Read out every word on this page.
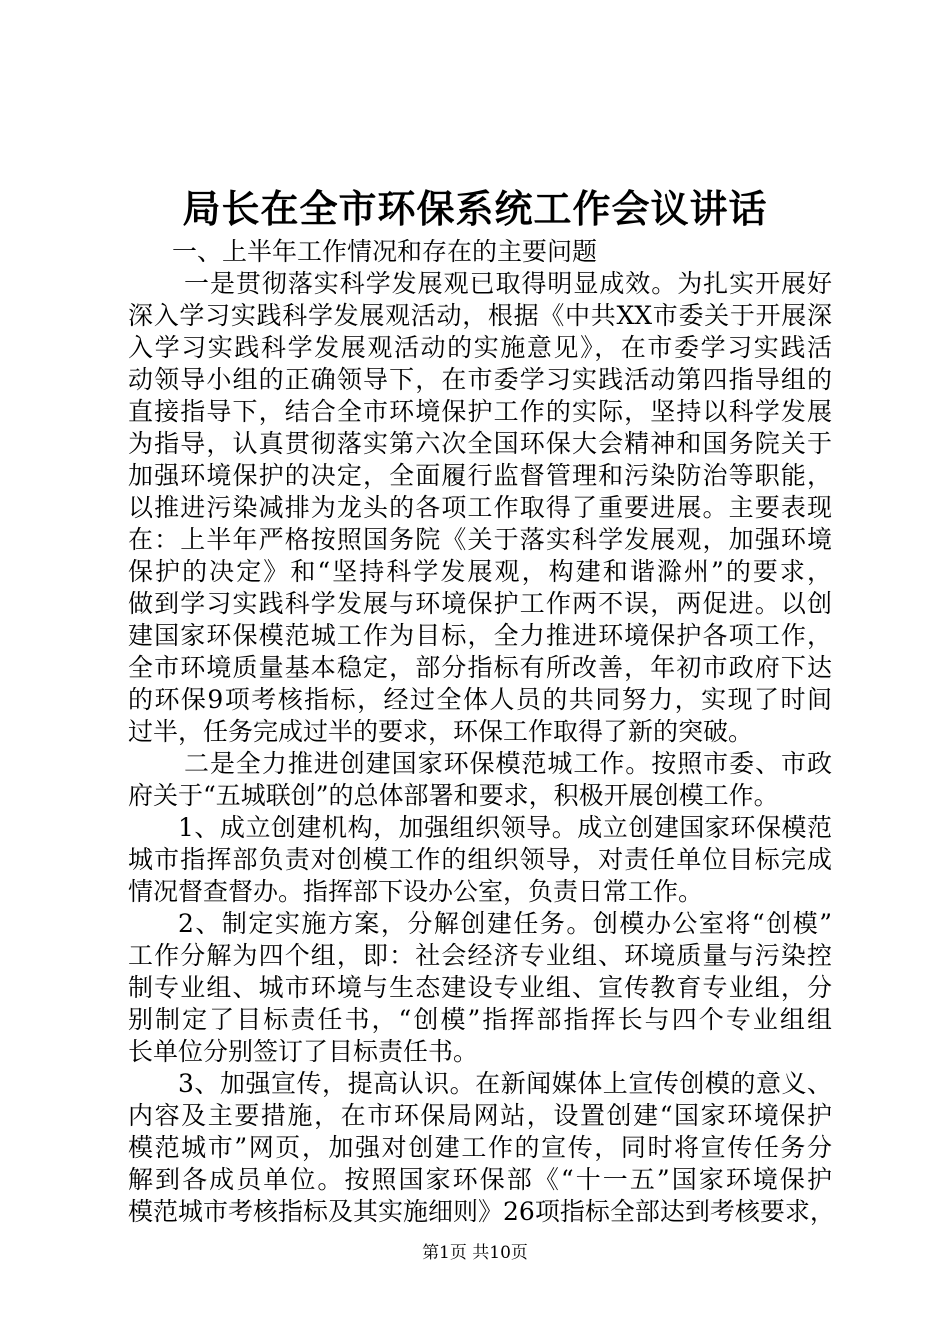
局长在全市环保系统工作会议讲话
一、上半年工作情况和存在的主要问题
一是贯彻落实科学发展观已取得明显成效。为扎实开展好
深入学习实践科学发展观活动，根据《中共XX市委关于开展深
入学习实践科学发展观活动的实施意见》，在市委学习实践活
动领导小组的正确领导下，在市委学习实践活动第四指导组的
直接指导下，结合全市环境保护工作的实际，坚持以科学发展
为指导，认真贯彻落实第六次全国环保大会精神和国务院关于
加强环境保护的决定，全面履行监督管理和污染防治等职能，
以推进污染减排为龙头的各项工作取得了重要进展。主要表现
在：上半年严格按照国务院《关于落实科学发展观，加强环境
保护的决定》和“坚持科学发展观，构建和谐滁州”的要求，
做到学习实践科学发展与环境保护工作两不误，两促进。以创
建国家环保模范城工作为目标，全力推进环境保护各项工作，
全市环境质量基本稳定，部分指标有所改善，年初市政府下达
的环保9项考核指标，经过全体人员的共同努力，实现了时间
过半，任务完成过半的要求，环保工作取得了新的突破。
二是全力推进创建国家环保模范城工作。按照市委、市政
府关于“五城联创”的总体部署和要求，积极开展创模工作。
1、成立创建机构，加强组织领导。成立创建国家环保模范
城市指挥部负责对创模工作的组织领导，对责任单位目标完成
情况督查督办。指挥部下设办公室，负责日常工作。
2、制定实施方案，分解创建任务。创模办公室将“创模”
工作分解为四个组，即：社会经济专业组、环境质量与污染控
制专业组、城市环境与生态建设专业组、宣传教育专业组，分
别制定了目标责任书，“创模”指挥部指挥长与四个专业组组
长单位分别签订了目标责任书。
3、加强宣传，提高认识。在新闻媒体上宣传创模的意义、
内容及主要措施，在市环保局网站，设置创建“国家环境保护
模范城市”网页，加强对创建工作的宣传，同时将宣传任务分
解到各成员单位。按照国家环保部《“十一五”国家环境保护
模范城市考核指标及其实施细则》26项指标全部达到考核要求，
第1页 共10页
